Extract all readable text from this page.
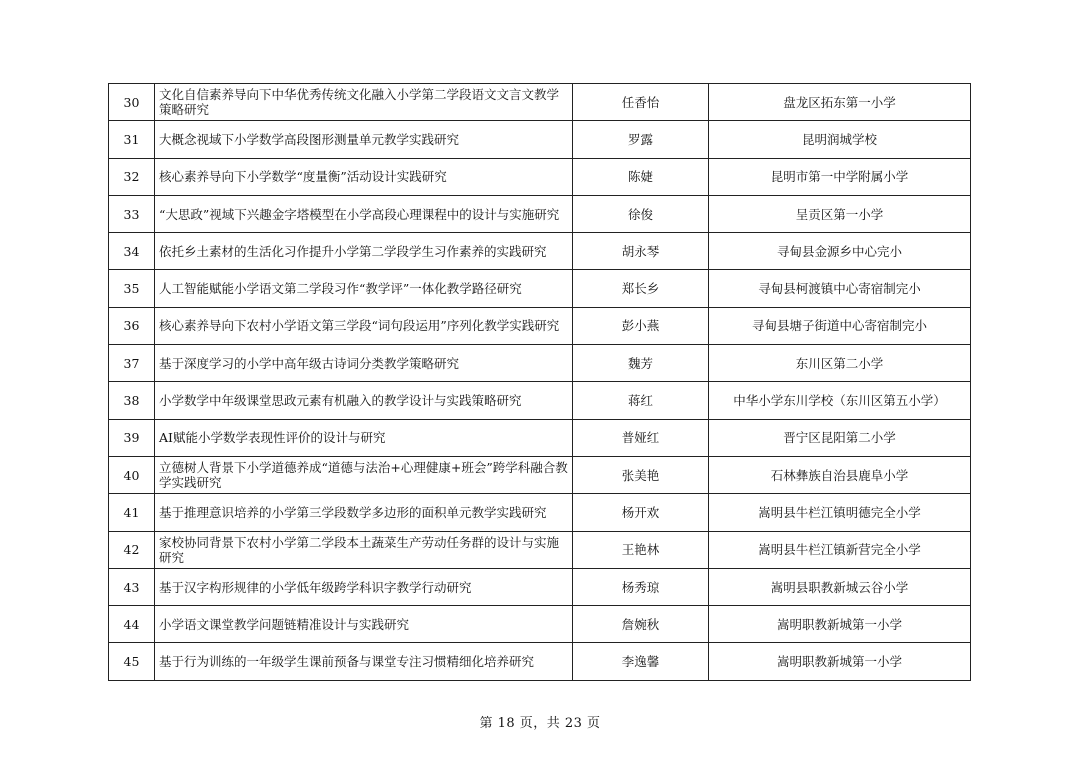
30	文化自信素养导向下中华优秀传统文化融入小学第二学段语文文言文教学策略研究	任香怡	盘龙区拓东第一小学
31	大概念视域下小学数学高段图形测量单元教学实践研究	罗露	昆明润城学校
32	核心素养导向下小学数学“度量衡”活动设计实践研究	陈婕	昆明市第一中学附属小学
33	“大思政”视域下兴趣金字塔模型在小学高段心理课程中的设计与实施研究	徐俊	呈贡区第一小学
34	依托乡土素材的生活化习作提升小学第二学段学生习作素养的实践研究	胡永琴	寻甸县金源乡中心完小
35	人工智能赋能小学语文第二学段习作“教学评”一体化教学路径研究	郑长乡	寻甸县柯渡镇中心寄宿制完小
36	核心素养导向下农村小学语文第三学段“词句段运用”序列化教学实践研究	彭小燕	寻甸县塘子街道中心寄宿制完小
37	基于深度学习的小学中高年级古诗词分类教学策略研究	魏芳	东川区第二小学
38	小学数学中年级课堂思政元素有机融入的教学设计与实践策略研究	蒋红	中华小学东川学校（东川区第五小学）
39	AI赋能小学数学表现性评价的设计与研究	普娅红	晋宁区昆阳第二小学
40	立德树人背景下小学道德养成“道德与法治+心理健康+班会”跨学科融合教学实践研究	张美艳	石林彝族自治县鹿阜小学
41	基于推理意识培养的小学第三学段数学多边形的面积单元教学实践研究	杨开欢	嵩明县牛栏江镇明德完全小学
42	家校协同背景下农村小学第二学段本土蔬菜生产劳动任务群的设计与实施研究	王艳林	嵩明县牛栏江镇新营完全小学
43	基于汉字构形规律的小学低年级跨学科识字教学行动研究	杨秀琼	嵩明县职教新城云谷小学
44	小学语文课堂教学问题链精准设计与实践研究	詹婉秋	嵩明职教新城第一小学
45	基于行为训练的一年级学生课前预备与课堂专注习惯精细化培养研究	李逸馨	嵩明职教新城第一小学
第 18 页，共 23 页
